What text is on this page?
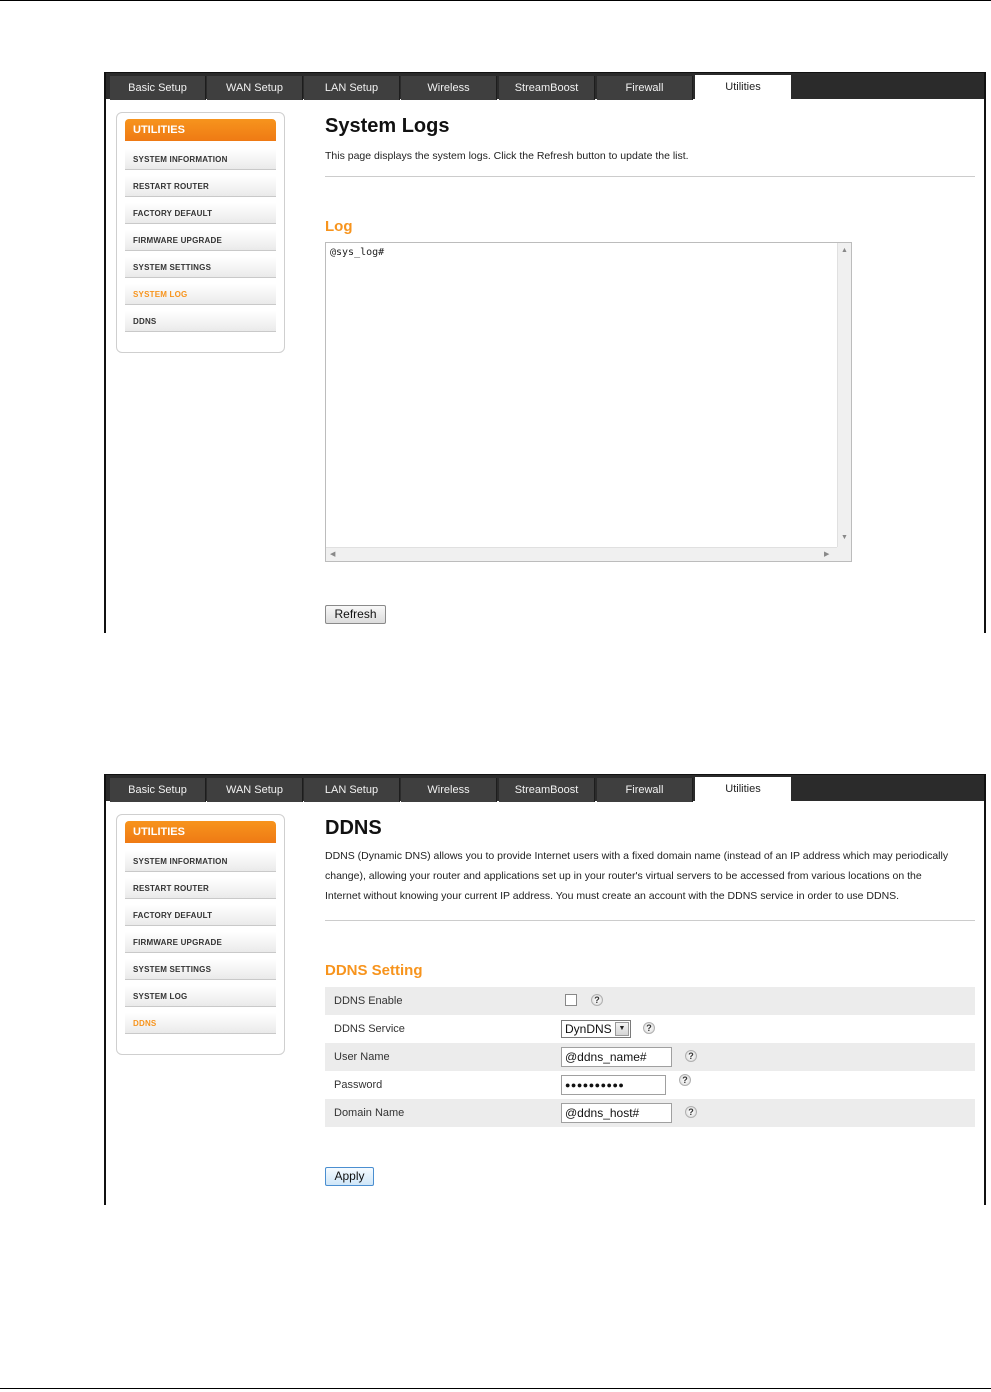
Basic Setup	WAN Setup	LAN Setup	Wireless	StreamBoost	Firewall	Utilities
UTILITIES
SYSTEM INFORMATION
RESTART ROUTER
FACTORY DEFAULT
FIRMWARE UPGRADE
SYSTEM SETTINGS
SYSTEM LOG
DDNS
System Logs
This page displays the system logs. Click the Refresh button to update the list.
Log
@sys_log#	▲
▼
◀	▶
Refresh
Basic Setup	WAN Setup	LAN Setup	Wireless	StreamBoost	Firewall	Utilities
UTILITIES
SYSTEM INFORMATION
RESTART ROUTER
FACTORY DEFAULT
FIRMWARE UPGRADE
SYSTEM SETTINGS
SYSTEM LOG
DDNS
DDNS
DDNS (Dynamic DNS) allows you to provide Internet users with a fixed domain name (instead of an IP address which may periodically
change), allowing your router and applications set up in your router's virtual servers to be accessed from various locations on the
Internet without knowing your current IP address. You must create an account with the DDNS service in order to use DDNS.
DDNS Setting
DDNS Enable	?
DDNS Service	DynDNS ▼	?
User Name	@ddns_name#	?
Password	●●●●●●●●●●	?
Domain Name	@ddns_host#	?
Apply
